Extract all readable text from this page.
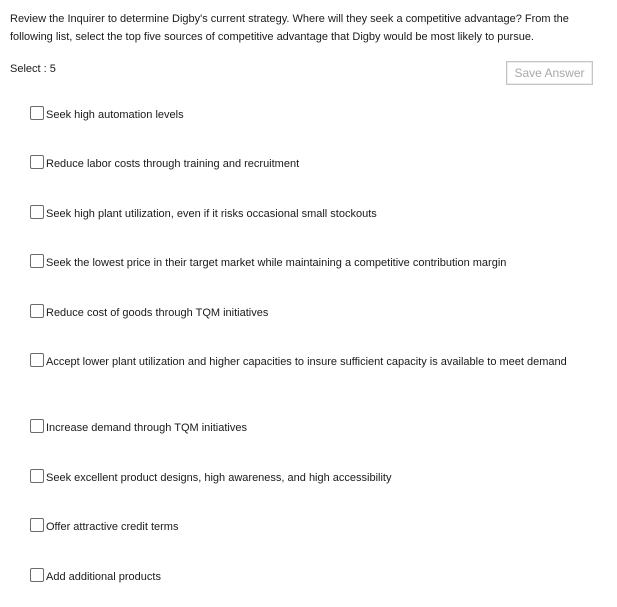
Review the Inquirer to determine Digby's current strategy. Where will they seek a competitive advantage? From the following list, select the top five sources of competitive advantage that Digby would be most likely to pursue.
Select : 5	Save Answer
Seek high automation levels
Reduce labor costs through training and recruitment
Seek high plant utilization, even if it risks occasional small stockouts
Seek the lowest price in their target market while maintaining a competitive contribution margin
Reduce cost of goods through TQM initiatives
Accept lower plant utilization and higher capacities to insure sufficient capacity is available to meet demand
Increase demand through TQM initiatives
Seek excellent product designs, high awareness, and high accessibility
Offer attractive credit terms
Add additional products
